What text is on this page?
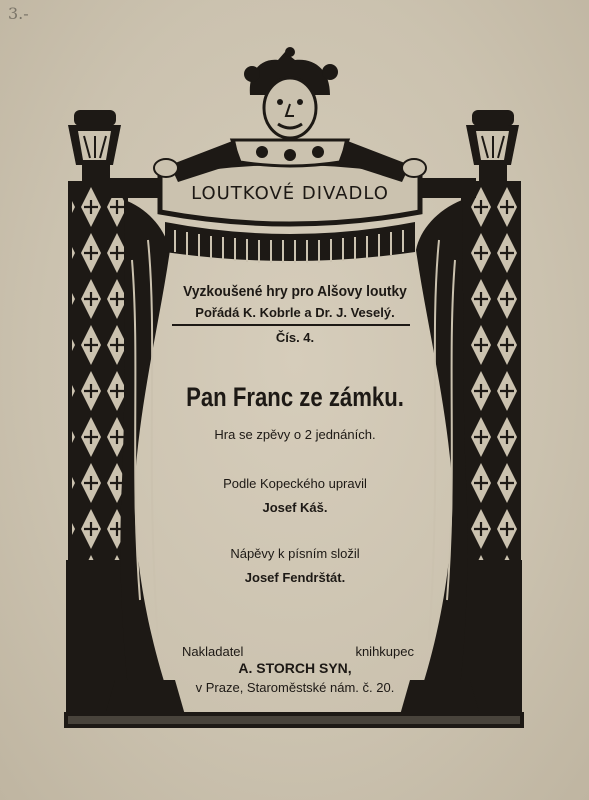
3.-
LOUTKOVÉ DIVADLO
Vyzkoušené hry pro Alšovy loutky
Pořádá K. Kobrle a Dr. J. Veselý.
Čís. 4.
Pan Franc ze zámku.
Hra se zpěvy o 2 jednáních.
Podle Kopeckého upravil
Josef Káš.
Nápěvy k písním složil
Josef Fendrštát.
Nakladatel	knihkupec
A. STORCH SYN,
v Praze, Staroměstské nám. č. 20.
